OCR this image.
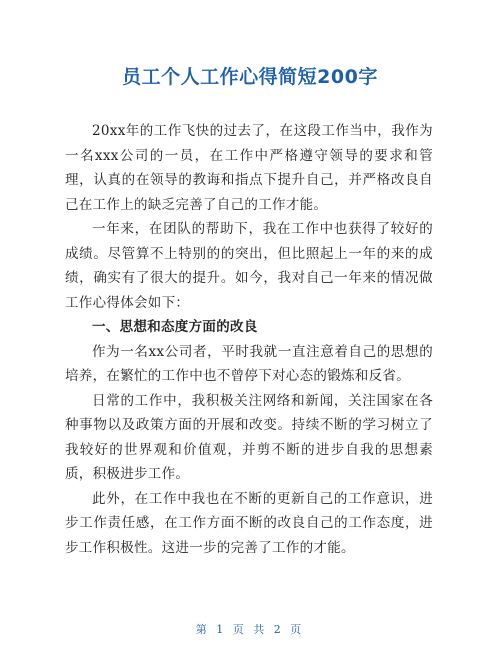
员工个人工作心得简短200字

20xx年的工作飞快的过去了，在这段工作当中，我作为一名xxx公司的一员，在工作中严格遵守领导的要求和管理，认真的在领导的教诲和指点下提升自己，并严格改良自己在工作上的缺乏完善了自己的工作才能。

一年来，在团队的帮助下，我在工作中也获得了较好的成绩。尽管算不上特别的的突出，但比照起上一年的来的成绩，确实有了很大的提升。如今，我对自己一年来的情况做工作心得体会如下：

一、思想和态度方面的改良

作为一名xx公司者，平时我就一直注意着自己的思想的培养，在繁忙的工作中也不曾停下对心态的锻炼和反省。

日常的工作中，我积极关注网络和新闻，关注国家在各种事物以及政策方面的开展和改变。持续不断的学习树立了我较好的世界观和价值观，并剪不断的进步自我的思想素质，积极进步工作。

此外，在工作中我也在不断的更新自己的工作意识，进步工作责任感，在工作方面不断的改良自己的工作态度，进步工作积极性。这进一步的完善了工作的才能。

第 1 页 共 2 页
